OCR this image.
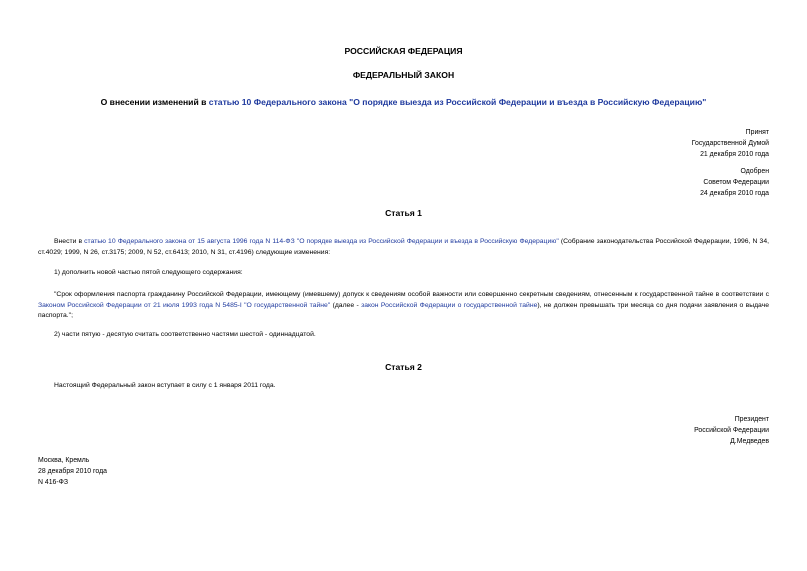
РОССИЙСКАЯ ФЕДЕРАЦИЯ
ФЕДЕРАЛЬНЫЙ ЗАКОН
О внесении изменений в статью 10 Федерального закона "О порядке выезда из Российской Федерации и въезда в Российскую Федерацию"
Принят
Государственной Думой
21 декабря 2010 года
Одобрен
Советом Федерации
24 декабря 2010 года
Статья 1
Внести в статью 10 Федерального закона от 15 августа 1996 года N 114-ФЗ "О порядке выезда из Российской Федерации и въезда в Российскую Федерацию" (Собрание законодательства Российской Федерации, 1996, N 34, ст.4029; 1999, N 26, ст.3175; 2009, N 52, ст.6413; 2010, N 31, ст.4196) следующие изменения:
1) дополнить новой частью пятой следующего содержания:
"Срок оформления паспорта гражданину Российской Федерации, имеющему (имевшему) допуск к сведениям особой важности или совершенно секретным сведениям, отнесенным к государственной тайне в соответствии с Законом Российской Федерации от 21 июля 1993 года N 5485-I "О государственной тайне" (далее - закон Российской Федерации о государственной тайне), не должен превышать три месяца со дня подачи заявления о выдаче паспорта.";
2) части пятую - десятую считать соответственно частями шестой - одиннадцатой.
Статья 2
Настоящий Федеральный закон вступает в силу с 1 января 2011 года.
Президент
Российской Федерации
Д.Медведев
Москва, Кремль
28 декабря 2010 года
N 416-ФЗ
